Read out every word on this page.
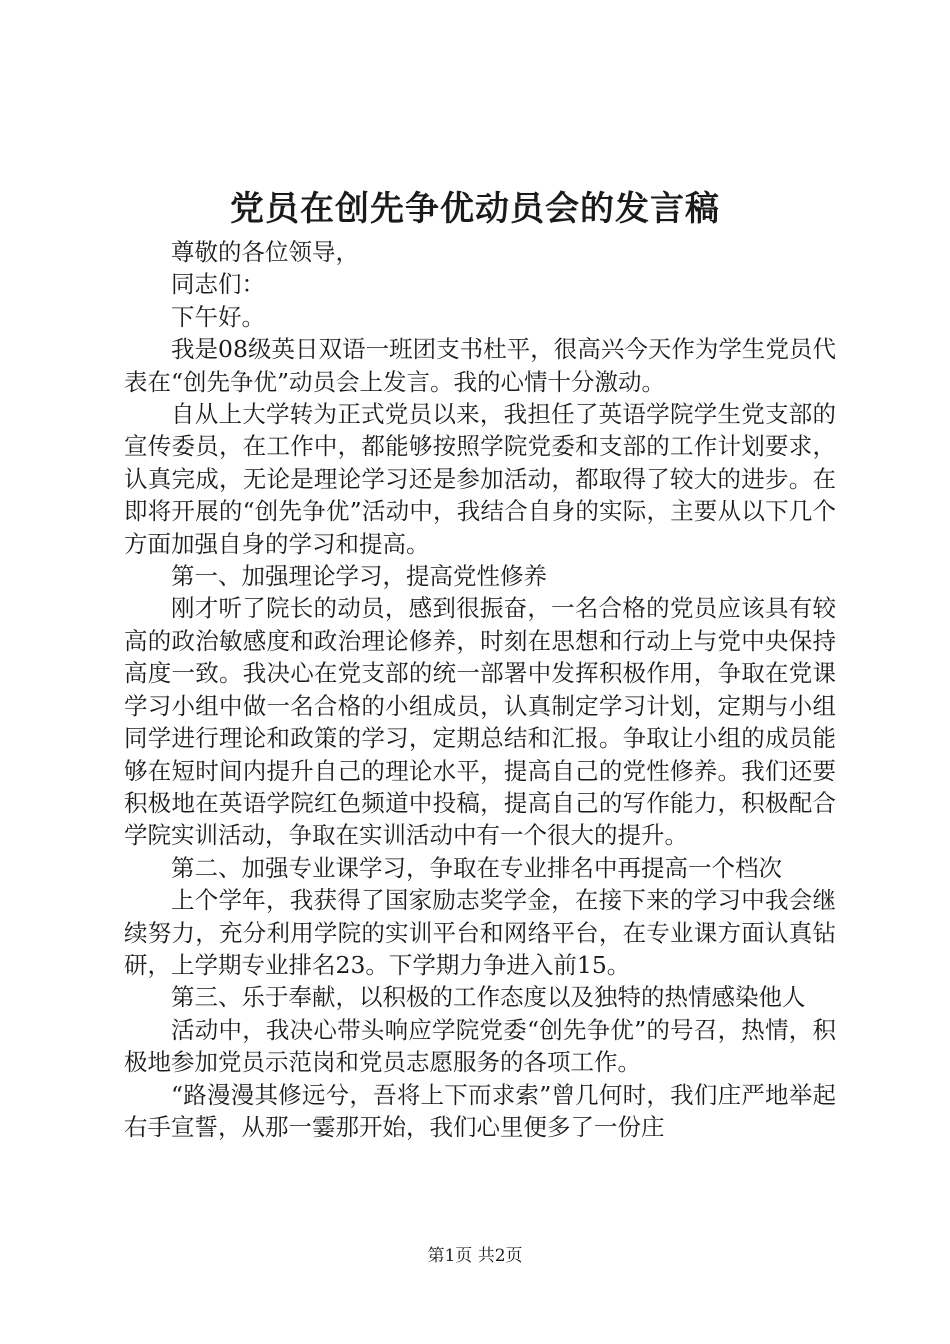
党员在创先争优动员会的发言稿

尊敬的各位领导，

同志们：

下午好。

我是08级英日双语一班团支书杜平，很高兴今天作为学生党员代表在“创先争优”动员会上发言。我的心情十分激动。

自从上大学转为正式党员以来，我担任了英语学院学生党支部的宣传委员，在工作中，都能够按照学院党委和支部的工作计划要求，认真完成，无论是理论学习还是参加活动，都取得了较大的进步。在即将开展的“创先争优”活动中，我结合自身的实际，主要从以下几个方面加强自身的学习和提高。

第一、加强理论学习，提高党性修养

刚才听了院长的动员，感到很振奋，一名合格的党员应该具有较高的政治敏感度和政治理论修养，时刻在思想和行动上与党中央保持高度一致。我决心在党支部的统一部署中发挥积极作用，争取在党课学习小组中做一名合格的小组成员，认真制定学习计划，定期与小组同学进行理论和政策的学习，定期总结和汇报。争取让小组的成员能够在短时间内提升自己的理论水平，提高自己的党性修养。我们还要积极地在英语学院红色频道中投稿，提高自己的写作能力，积极配合学院实训活动，争取在实训活动中有一个很大的提升。

第二、加强专业课学习，争取在专业排名中再提高一个档次

上个学年，我获得了国家励志奖学金，在接下来的学习中我会继续努力，充分利用学院的实训平台和网络平台，在专业课方面认真钻研，上学期专业排名23。下学期力争进入前15。

第三、乐于奉献，以积极的工作态度以及独特的热情感染他人

活动中，我决心带头响应学院党委“创先争优”的号召，热情，积极地参加党员示范岗和党员志愿服务的各项工作。

“路漫漫其修远兮，吾将上下而求索”曾几何时，我们庄严地举起右手宣誓，从那一霎那开始，我们心里便多了一份庄

第1页 共2页
